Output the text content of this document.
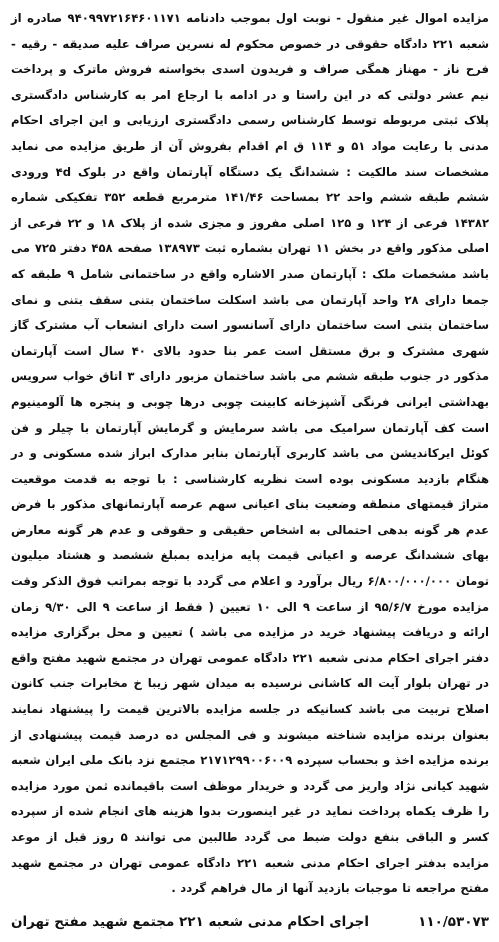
مزایده اموال غیر منقول - نوبت اول بموجب دادنامه ۹۴۰۹۹۷۲۱۶۴۶۰۱۱۷۱ صادره از شعبه ۲۲۱ دادگاه حقوقی در خصوص محکوم له نسرین صراف علیه صدیقه - رقیه - فرح ناز - مهناز همگی صراف و فریدون اسدی بخواسته فروش ماترک و پرداخت نیم عشر دولتی که در این راستا و در ادامه با ارجاع امر به کارشناس دادگستری پلاک ثبتی مربوطه توسط کارشناس رسمی دادگستری ارزیابی و این اجرای احکام مدنی با رعایت مواد ۵۱ و ۱۱۴ ق ام اقدام بفروش آن از طریق مزایده می نماید مشخصات سند مالکیت : ششدانگ یک دستگاه آپارتمان واقع در بلوک ۴d ورودی ششم طبقه ششم واحد ۲۲ بمساحت ۱۴۱/۴۶ مترمربع قطعه ۳۵۲ تفکیکی شماره ۱۴۳۸۲ فرعی از ۱۲۴ و ۱۲۵ اصلی مفروز و مجزی شده از پلاک ۱۸ و ۲۲ فرعی از اصلی مذکور واقع در بخش ۱۱ تهران بشماره ثبت ۱۳۸۹۷۳ صفحه ۴۵۸ دفتر ۷۲۵ می باشد مشخصات ملک : آپارتمان صدر الاشاره واقع در ساختمانی شامل ۹ طبقه که جمعا دارای ۲۸ واحد آپارتمان می باشد اسکلت ساختمان بتنی سقف بتنی و نمای ساختمان بتنی است ساختمان دارای آسانسور است دارای انشعاب آب مشترک گاز شهری مشترک و برق مستقل است عمر بنا حدود بالای ۴۰ سال است آپارتمان مذکور در جنوب طبقه ششم می باشد ساختمان مزبور دارای ۳ اتاق خواب سرویس بهداشتی ایرانی فرنگی آشپزخانه کابینت چوبی درها چوبی و پنجره ها آلومینیوم است کف آپارتمان سرامیک می باشد سرمایش و گرمایش آپارتمان با چیلر و فن کوئل ایرکاندیشن می باشد کاربری آپارتمان بنابر مدارک ابراز شده مسکونی و در هنگام بازدید مسکونی بوده است نظریه کارشناسی : با توجه به قدمت موقعیت متراژ قیمتهای منطقه وضعیت بنای اعیانی سهم عرصه آپارتمانهای مذکور با فرض عدم هر گونه بدهی احتمالی به اشخاص حقیقی و حقوقی و عدم هر گونه معارض بهای ششدانگ عرصه و اعیانی قیمت پایه مزایده بمبلغ ششصد و هشتاد میلیون تومان ۶/۸۰۰/۰۰۰/۰۰۰ ریال برآورد و اعلام می گردد با توجه بمراتب فوق الذکر وقت مزایده مورخ ۹۵/۶/۷ از ساعت ۹ الی ۱۰ تعیین ( فقط از ساعت ۹ الی ۹/۳۰ زمان ارائه و دریافت پیشنهاد خرید در مزایده می باشد ) تعیین و محل برگزاری مزایده دفتر اجرای احکام مدنی شعبه ۲۲۱ دادگاه عمومی تهران در مجتمع شهید مفتح واقع در تهران بلوار آیت اله کاشانی نرسیده به میدان شهر زیبا خ مخابرات جنب کانون اصلاح تربیت می باشد کسانیکه در جلسه مزایده بالاترین قیمت را پیشنهاد نمایند بعنوان برنده مزایده شناخته میشوند و فی المجلس ده درصد قیمت پیشنهادی از برنده مزایده اخذ و بحساب سپرده ۲۱۷۱۲۹۹۰۰۶۰۰۹ مجتمع نزد بانک ملی ایران شعبه شهید کیانی نژاد واریز می گردد و خریدار موظف است باقیمانده ثمن مورد مزایده را ظرف یکماه پرداخت نماید در غیر اینصورت بدوا هزینه های انجام شده از سپرده کسر و الباقی بنفع دولت ضبط می گردد طالبین می توانند ۵ روز قبل از موعد مزایده بدفتر اجرای احکام مدنی شعبه ۲۲۱ دادگاه عمومی تهران در مجتمع شهید مفتح مراجعه تا موجبات بازدید آنها از مال فراهم گردد .

۱۱۰/۵۳۰۷۳
اجرای احکام مدنی شعبه ۲۲۱ مجتمع شهید مفتح تهران
